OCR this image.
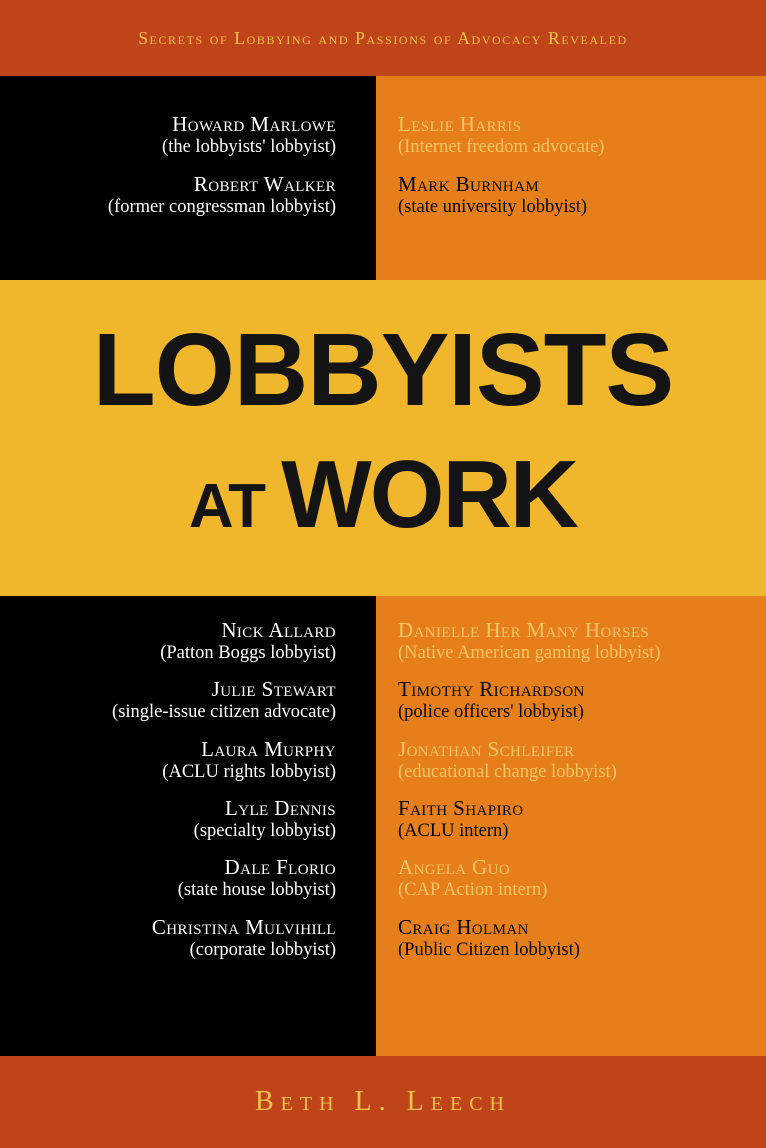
Secrets of Lobbying and Passions of Advocacy Revealed
Howard Marlowe
(the lobbyists' lobbyist)
Robert Walker
(former congressman lobbyist)
Leslie Harris
(Internet freedom advocate)
Mark Burnham
(state university lobbyist)
LOBBYISTS
AT WORK
Nick Allard
(Patton Boggs lobbyist)
Julie Stewart
(single-issue citizen advocate)
Laura Murphy
(ACLU rights lobbyist)
Lyle Dennis
(specialty lobbyist)
Dale Florio
(state house lobbyist)
Christina Mulvihill
(corporate lobbyist)
Danielle Her Many Horses
(Native American gaming lobbyist)
Timothy Richardson
(police officers' lobbyist)
Jonathan Schleifer
(educational change lobbyist)
Faith Shapiro
(ACLU intern)
Angela Guo
(CAP Action intern)
Craig Holman
(Public Citizen lobbyist)
Beth L. Leech
